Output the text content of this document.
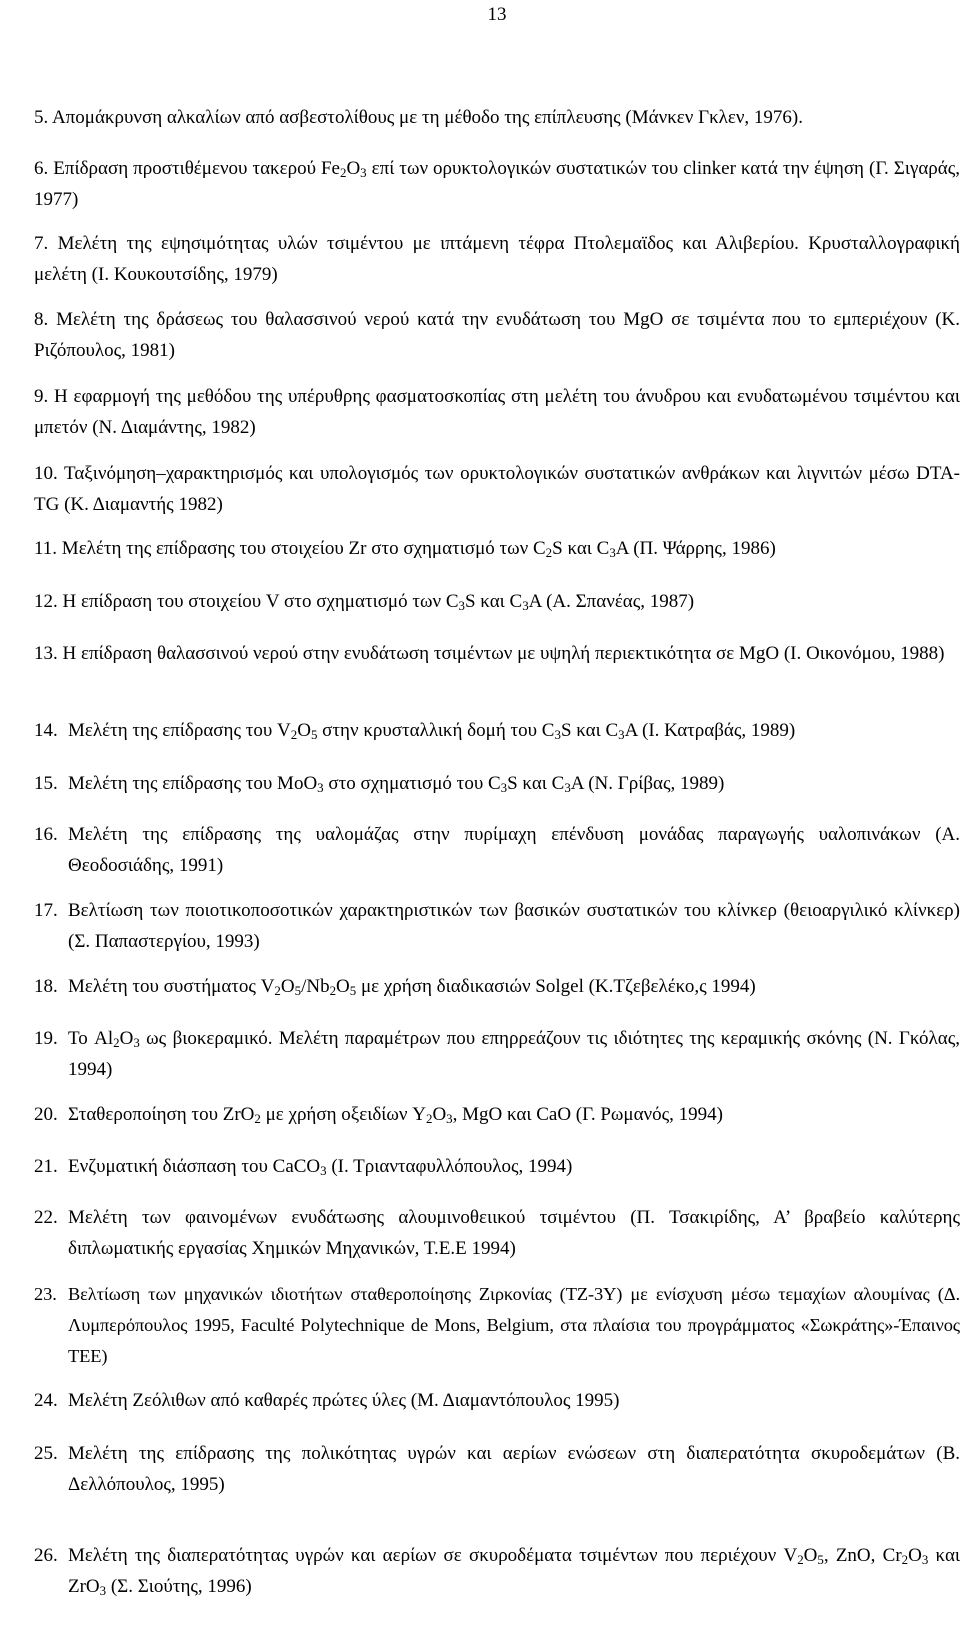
13

5. Απομάκρυνση αλκαλίων από ασβεστολίθους με τη μέθοδο της επίπλευσης (Μάνκεν Γκλεν, 1976).

6. Επίδραση προστιθέμενου τακερού $Fe_2O_3$ επί των ορυκτολογικών συστατικών του clinker κατά την έψηση (Γ. Σιγαράς, 1977)

7. Μελέτη της εψησιμότητας υλών τσιμέντου με ιπτάμενη τέφρα Πτολεμαϊδος και Αλιβερίου. Κρυσταλλογραφική μελέτη (Ι. Κουκουτσίδης, 1979)

8. Μελέτη της δράσεως του θαλασσινού νερού κατά την ενυδάτωση του MgO σε τσιμέντα που το εμπεριέχουν (Κ. Ριζόπουλος, 1981)

9. Η εφαρμογή της μεθόδου της υπέρυθρης φασματοσκοπίας στη μελέτη του άνυδρου και ενυδατωμένου τσιμέντου και μπετόν (Ν. Διαμάντης, 1982)

10. Ταξινόμηση–χαρακτηρισμός και υπολογισμός των ορυκτολογικών συστατικών ανθράκων και λιγνιτών μέσω DTA-TG (Κ. Διαμαντής 1982)

11. Μελέτη της επίδρασης του στοιχείου Zr στο σχηματισμό των $C_2S$ και $C_3A$ (Π. Ψάρρης, 1986)

12. Η επίδραση του στοιχείου V στο σχηματισμό των $C_3S$ και $C_3A$ (Α. Σπανέας, 1987)

13. Η επίδραση θαλασσινού νερού στην ενυδάτωση τσιμέντων με υψηλή περιεκτικότητα σε MgO (Ι. Οικονόμου, 1988)

14. Μελέτη της επίδρασης του $V_2O_5$ στην κρυσταλλική δομή του $C_3S$ και $C_3A$ (Ι. Κατραβάς, 1989)

15. Μελέτη της επίδρασης του MoO$_3$ στο σχηματισμό του $C_3S$ και $C_3A$ (Ν. Γρίβας, 1989)

16. Μελέτη της επίδρασης της υαλομάζας στην πυρίμαχη επένδυση μονάδας παραγωγής υαλοπινάκων (Α. Θεοδοσιάδης, 1991)

17. Βελτίωση των ποιοτικοποσοτικών χαρακτηριστικών των βασικών συστατικών του κλίνκερ (θειοαργιλικό κλίνκερ) (Σ. Παπαστεργίου, 1993)

18. Μελέτη του συστήματος $V_2O_5/Nb_2O_5$ με χρήση διαδικασιών Solgel (Κ.Τζεβελέκο,ς 1994)

19. Το $Al_2O_3$ ως βιοκεραμικό. Μελέτη παραμέτρων που επηρρεάζουν τις ιδιότητες της κεραμικής σκόνης (Ν. Γκόλας, 1994)

20. Σταθεροποίηση του ZrO$_2$ με χρήση οξειδίων $Y_2O_3$, MgO και CaO (Γ. Ρωμανός, 1994)

21. Ενζυματική διάσπαση του CaCO$_3$ (Ι. Τριανταφυλλόπουλος, 1994)

22. Μελέτη των φαινομένων ενυδάτωσης αλουμινοθειικού τσιμέντου (Π. Τσακιρίδης, Α’ βραβείο καλύτερης διπλωματικής εργασίας Χημικών Μηχανικών, Τ.Ε.Ε 1994)

23. Βελτίωση των μηχανικών ιδιοτήτων σταθεροποίησης Ζιρκονίας (TZ-3Y) με ενίσχυση μέσω τεμαχίων αλουμίνας (Δ. Λυμπερόπουλος 1995, Faculté Polytechnique de Mons, Belgium, στα πλαίσια του προγράμματος «Σωκράτης»-Έπαινος ΤΕΕ)

24. Μελέτη Ζεόλιθων από καθαρές πρώτες ύλες (Μ. Διαμαντόπουλος 1995)

25. Μελέτη της επίδρασης της πολικότητας υγρών και αερίων ενώσεων στη διαπερατότητα σκυροδεμάτων (Β. Δελλόπουλος, 1995)

26. Μελέτη της διαπερατότητας υγρών και αερίων σε σκυροδέματα τσιμέντων που περιέχουν $V_2O_5$, ZnO, $Cr_2O_3$ και ZrO$_3$ (Σ. Σιούτης, 1996)
